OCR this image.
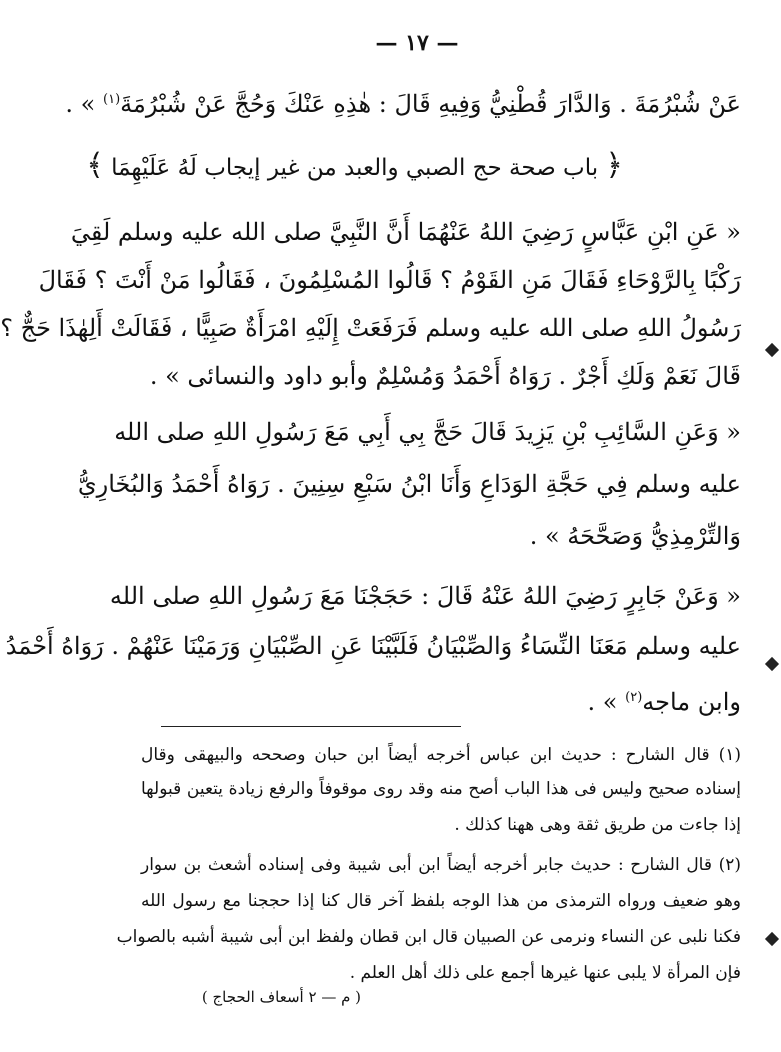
— ١٧ —
عَنْ شُبْرُمَةَ . وَالدَّارَ قُطْنِيُّ وَفِيهِ قَالَ : هٰذِهِ عَنْكَ وَحُجَّ عَنْ شُبْرُمَةَ$^{(١)}$ » .
﴿ باب صحة حج الصبي والعبد من غير إيجاب لَهُ عَلَيْهِمَا ﴾
« عَنِ ابْنِ عَبَّاسٍ رَضِيَ اللهُ عَنْهُمَا أَنَّ النَّبِيَّ صلى الله عليه وسلم لَقِيَ
رَكْبًا بِالرَّوْحَاءِ فَقَالَ مَنِ القَوْمُ ؟ قَالُوا المُسْلِمُونَ ، فَقَالُوا مَنْ أَنْتَ ؟ فَقَالَ
رَسُولُ اللهِ صلى الله عليه وسلم فَرَفَعَتْ إِلَيْهِ امْرَأَةٌ صَبِيًّا ، فَقَالَتْ أَلِهٰذَا حَجٌّ ؟
قَالَ نَعَمْ وَلَكِ أَجْرٌ . رَوَاهُ أَحْمَدُ وَمُسْلِمٌ وأبو داود والنسائى » .
« وَعَنِ السَّائِبِ بْنِ يَزِيدَ قَالَ حَجَّ بِي أَبِي مَعَ رَسُولِ اللهِ صلى الله
عليه وسلم فِي حَجَّةِ الوَدَاعِ وَأَنَا ابْنُ سَبْعِ سِنِينَ . رَوَاهُ أَحْمَدُ وَالبُخَارِيُّ
وَالتِّرْمِذِيُّ وَصَحَّحَهُ » .
« وَعَنْ جَابِرٍ رَضِيَ اللهُ عَنْهُ قَالَ : حَجَجْنَا مَعَ رَسُولِ اللهِ صلى الله
عليه وسلم مَعَنَا النِّسَاءُ وَالصِّبْيَانُ فَلَبَّيْنَا عَنِ الصِّبْيَانِ وَرَمَيْنَا عَنْهُمْ . رَوَاهُ أَحْمَدُ
وابن ماجه$^{(٢)}$ » .
(١) قال الشارح : حديث ابن عباس أخرجه أيضاً ابن حبان وصححه والبيهقى وقال
إسناده صحيح وليس فى هذا الباب أصح منه وقد روى موقوفاً والرفع زيادة يتعين قبولها
إذا جاءت من طريق ثقة وهى ههنا كذلك .
(٢) قال الشارح : حديث جابر أخرجه أيضاً ابن أبى شيبة وفى إسناده أشعث بن سوار
وهو ضعيف ورواه الترمذى من هذا الوجه بلفظ آخر قال كنا إذا حججنا مع رسول الله
فكنا نلبى عن النساء ونرمى عن الصبيان قال ابن قطان ولفظ ابن أبى شيبة أشبه بالصواب
فإن المرأة لا يلبى عنها غيرها أجمع على ذلك أهل العلم .
( م — ٢ أسعاف الحجاج )
